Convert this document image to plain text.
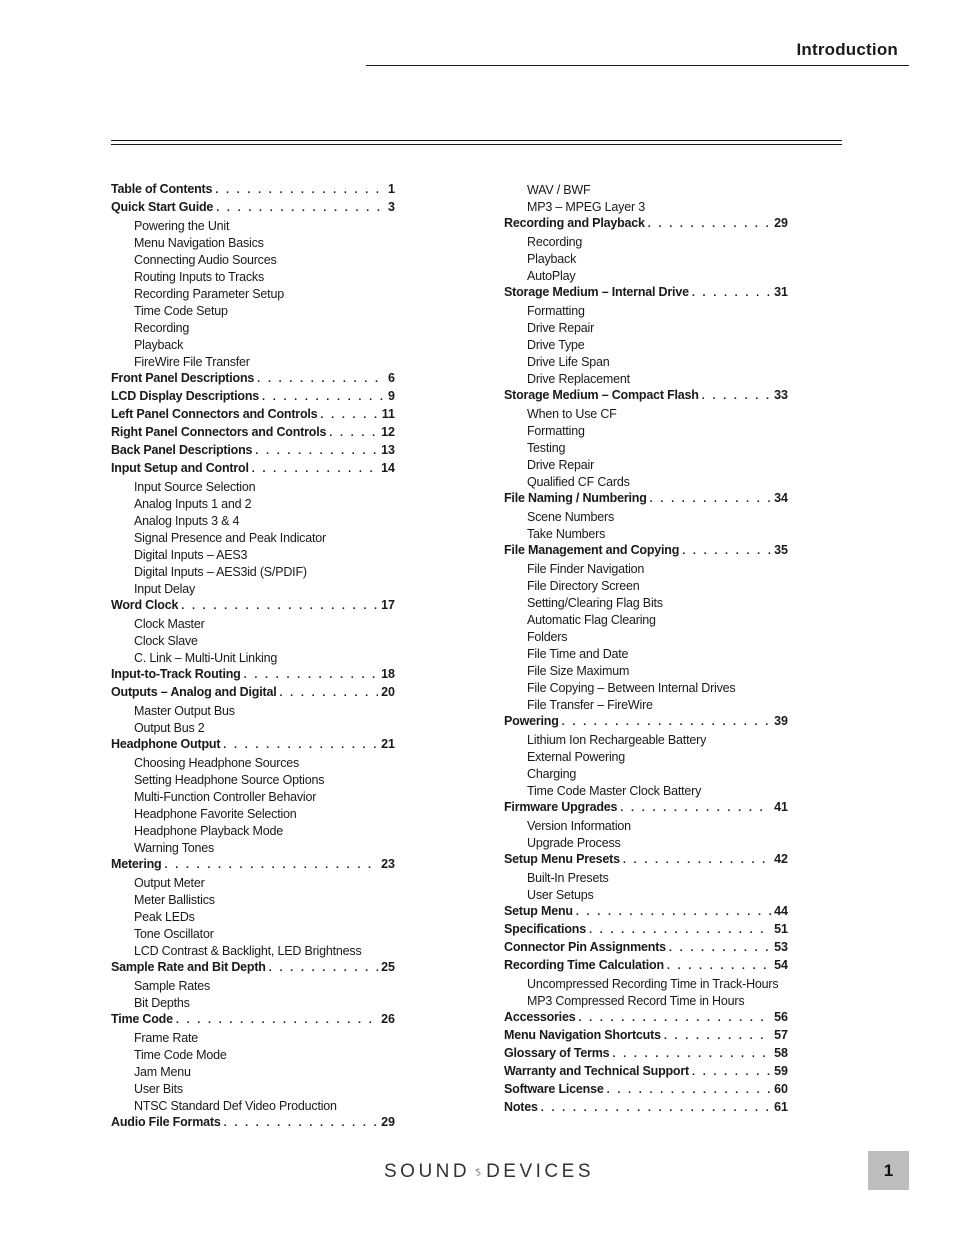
Introduction
Table of Contents . . .	1
Quick Start Guide . . .	3
Powering the Unit
Menu Navigation Basics
Connecting Audio Sources
Routing Inputs to Tracks
Recording Parameter Setup
Time Code Setup
Recording
Playback
FireWire File Transfer
Front Panel Descriptions . . .	6
LCD Display Descriptions . . .	9
Left Panel Connectors and Controls . . .	11
Right Panel Connectors and Controls . . .	12
Back Panel Descriptions . . .	13
Input Setup and Control . . .	14
Input Source Selection
Analog Inputs 1 and 2
Analog Inputs 3 & 4
Signal Presence and Peak Indicator
Digital Inputs – AES3
Digital Inputs – AES3id (S/PDIF)
Input Delay
Word Clock . . .	17
Clock Master
Clock Slave
C. Link – Multi-Unit Linking
Input-to-Track Routing . . .	18
Outputs – Analog and Digital . . .	20
Master Output Bus
Output Bus 2
Headphone Output . . .	21
Choosing Headphone Sources
Setting Headphone Source Options
Multi-Function Controller Behavior
Headphone Favorite Selection
Headphone Playback Mode
Warning Tones
Metering . . .	23
Output Meter
Meter Ballistics
Peak LEDs
Tone Oscillator
LCD Contrast & Backlight, LED Brightness
Sample Rate and Bit Depth . . .	25
Sample Rates
Bit Depths
Time Code . . .	26
Frame Rate
Time Code Mode
Jam Menu
User Bits
NTSC Standard Def Video Production
Audio File Formats . . .	29
WAV / BWF
MP3 – MPEG Layer 3
Recording and Playback . . .	29
Recording
Playback
AutoPlay
Storage Medium – Internal Drive . . .	31
Formatting
Drive Repair
Drive Type
Drive Life Span
Drive Replacement
Storage Medium – Compact Flash . . .	33
When to Use CF
Formatting
Testing
Drive Repair
Qualified CF Cards
File Naming / Numbering . . .	34
Scene Numbers
Take Numbers
File Management and Copying . . .	35
File Finder Navigation
File Directory Screen
Setting/Clearing Flag Bits
Automatic Flag Clearing
Folders
File Time and Date
File Size Maximum
File Copying – Between Internal Drives
File Transfer – FireWire
Powering . . .	39
Lithium Ion Rechargeable Battery
External Powering
Charging
Time Code Master Clock Battery
Firmware Upgrades . . .	41
Version Information
Upgrade Process
Setup Menu Presets . . .	42
Built-In Presets
User Setups
Setup Menu . . .	44
Specifications . . .	51
Connector Pin Assignments . . .	53
Recording Time Calculation . . .	54
Uncompressed Recording Time in Track-Hours
MP3 Compressed Record Time in Hours
Accessories . . .	56
Menu Navigation Shortcuts . . .	57
Glossary of Terms . . .	58
Warranty and Technical Support . . .	59
Software License . . .	60
Notes . . .	61
SOUND DEVICES	1
